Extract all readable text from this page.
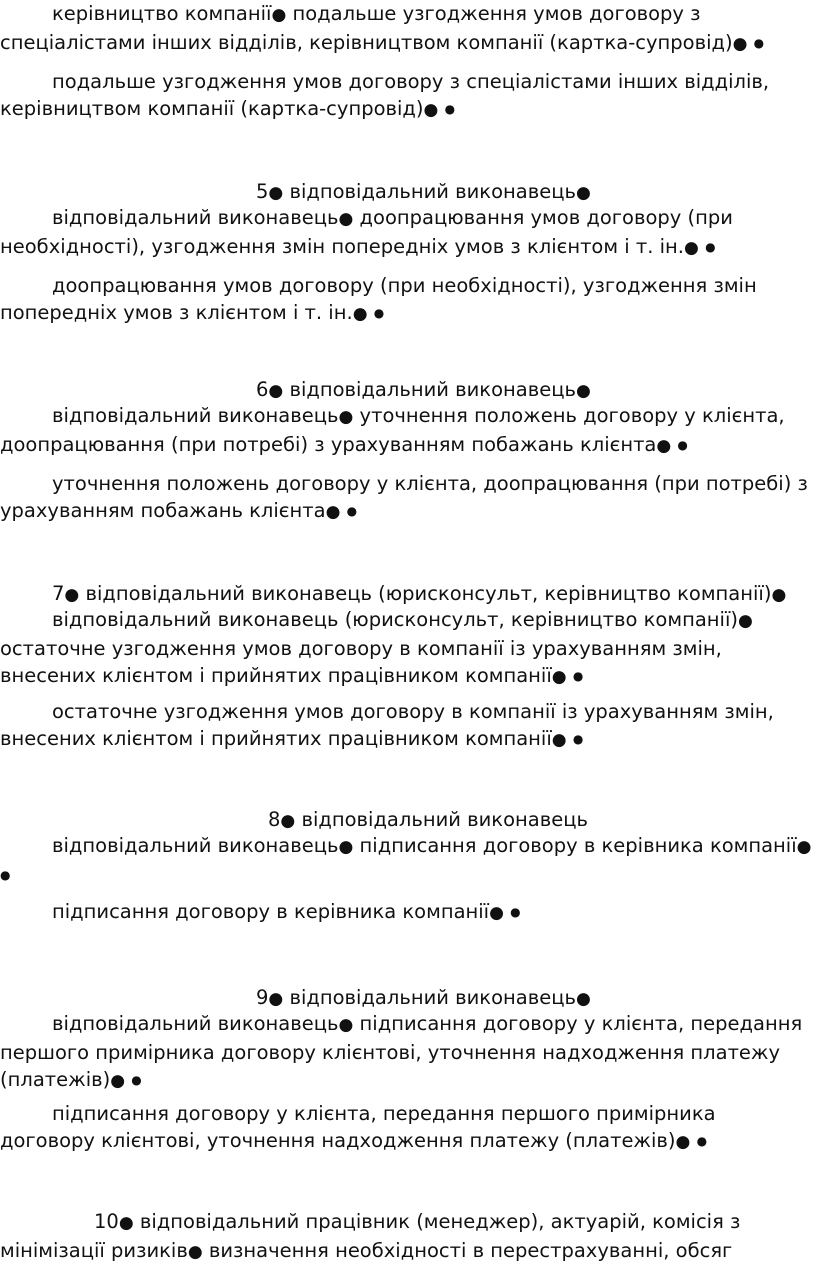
керівництво компанії● подальше узгодження умов договору з спеціалістами інших відділів, керівництвом компанії (картка-супровід)● ●

подальше узгодження умов договору з спеціалістами інших відділів, керівництвом компанії (картка-супровід)● ●

5● відповідальний виконавець●

відповідальний виконавець● доопрацювання умов договору (при необхідності), узгодження змін попередніх умов з клієнтом і т. ін.● ●

доопрацювання умов договору (при необхідності), узгодження змін попередніх умов з клієнтом і т. ін.● ●

6● відповідальний виконавець●

відповідальний виконавець● уточнення положень договору у клієнта, доопрацювання (при потребі) з урахуванням побажань клієнта● ●

уточнення положень договору у клієнта, доопрацювання (при потребі) з урахуванням побажань клієнта● ●

7● відповідальний виконавець (юрисконсульт, керівництво компанії)●

відповідальний виконавець (юрисконсульт, керівництво компанії)● остаточне узгодження умов договору в компанії із урахуванням змін, внесених клієнтом і прийнятих працівником компанії● ●

остаточне узгодження умов договору в компанії із урахуванням змін, внесених клієнтом і прийнятих працівником компанії● ●

8● відповідальний виконавець

відповідальний виконавець● підписання договору в керівника компанії● ●

підписання договору в керівника компанії● ●

9● відповідальний виконавець●

відповідальний виконавець● підписання договору у клієнта, передання першого примірника договору клієнтові, уточнення надходження платежу (платежів)● ●

підписання договору у клієнта, передання першого примірника договору клієнтові, уточнення надходження платежу (платежів)● ●

10● відповідальний працівник (менеджер), актуарій, комісія з мінімізації ризиків● визначення необхідності в перестрахуванні, обсяг
